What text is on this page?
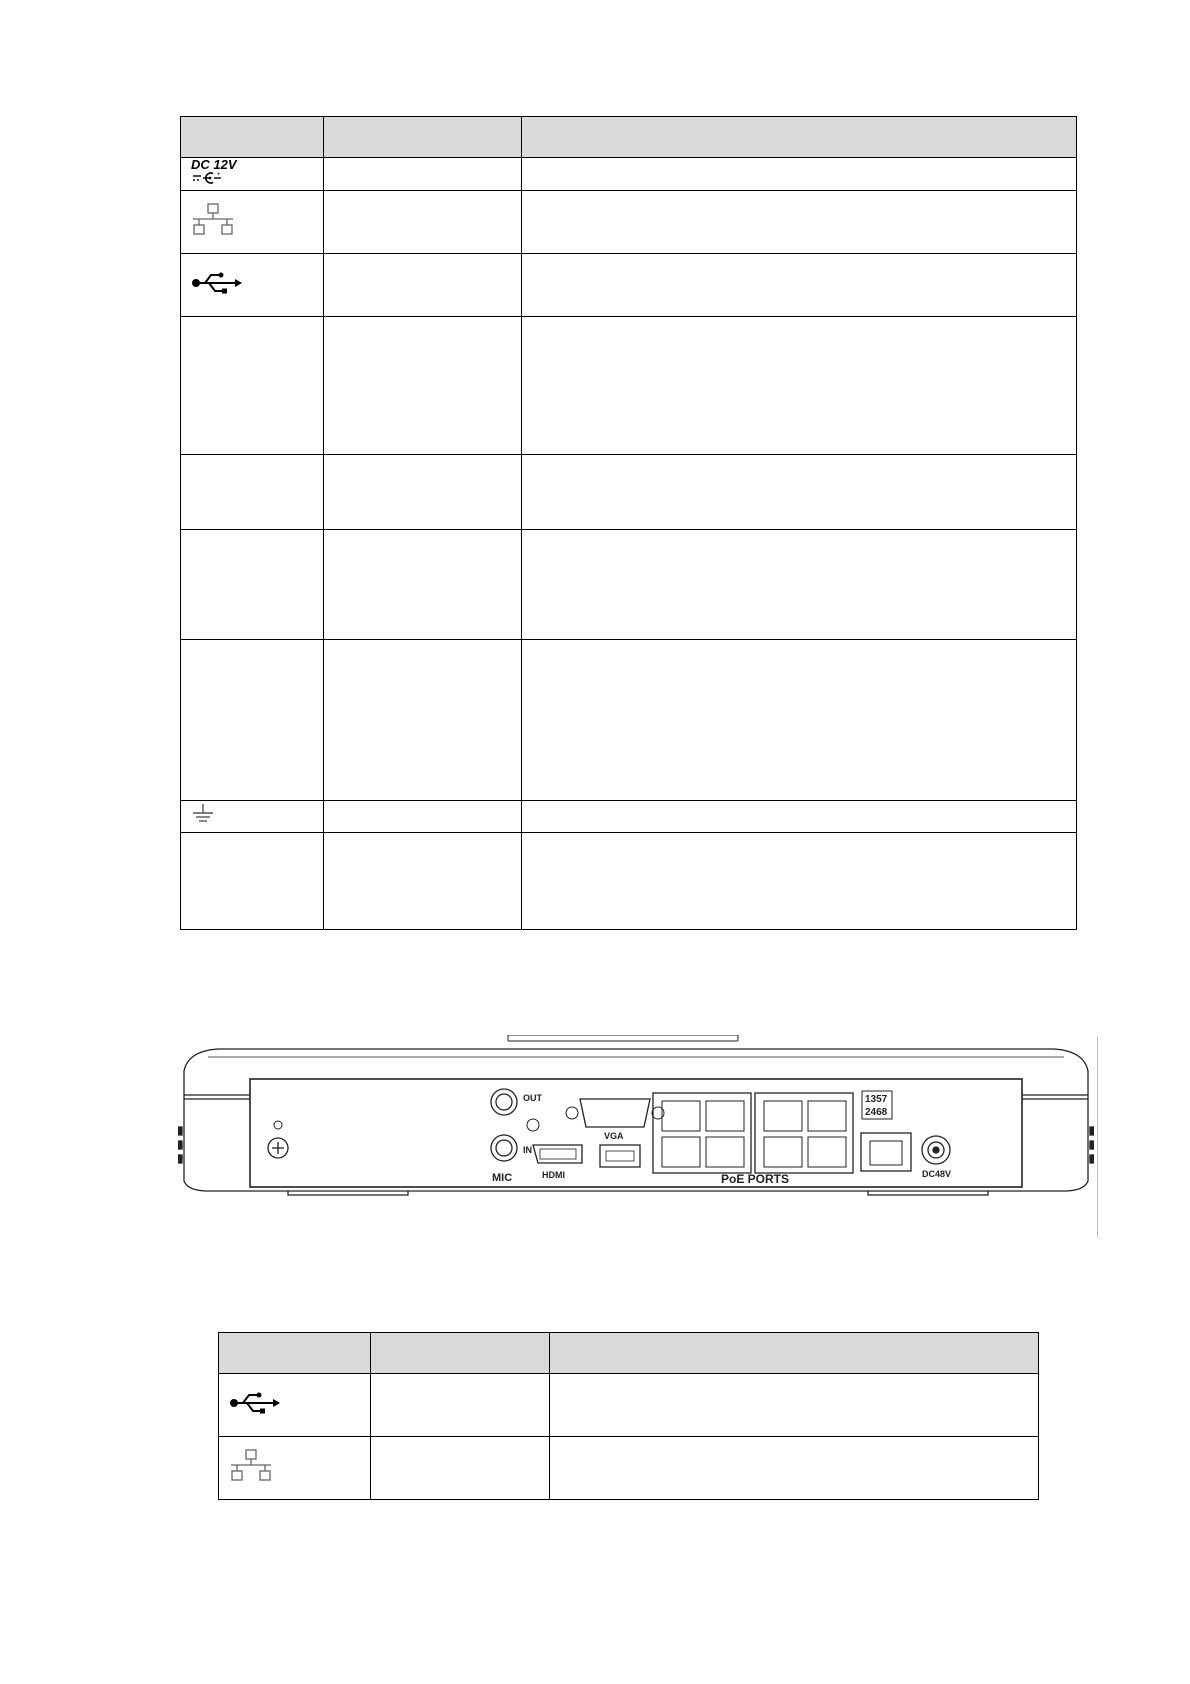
DC 12V
+		

OUT
IN
MIC
VGA
HDMI	PoE PORTS
1357
2468
DC48V
